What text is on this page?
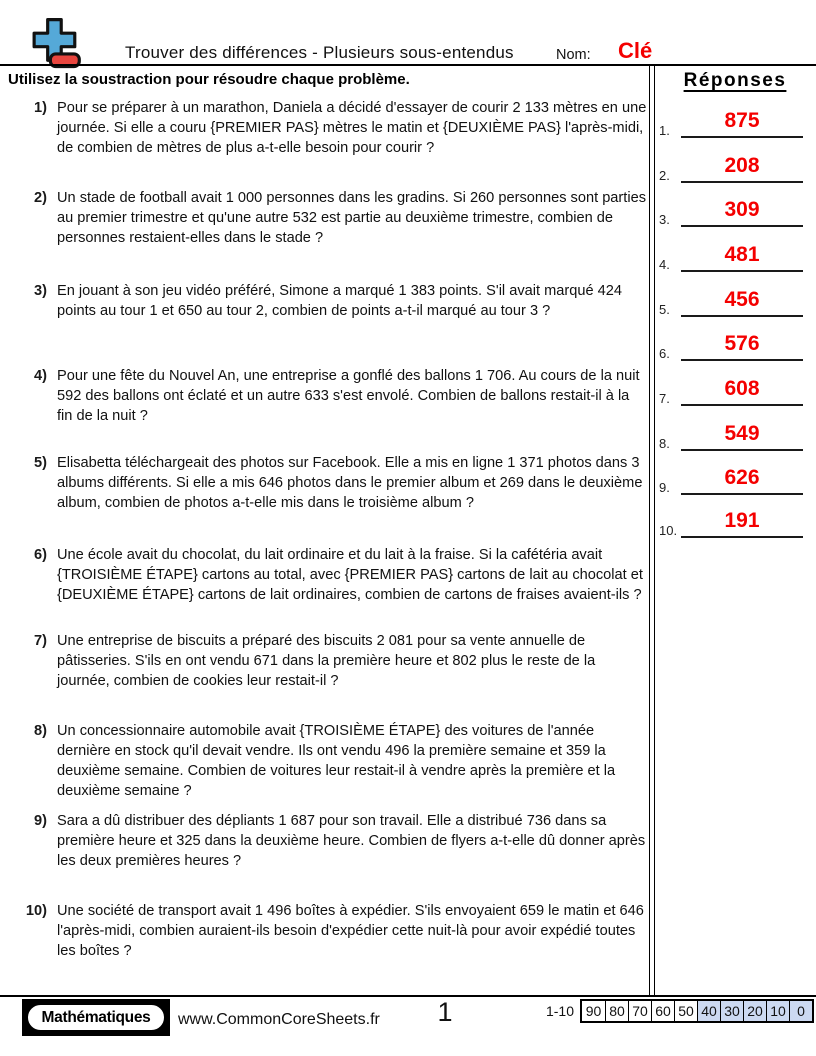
Trouver des différences - Plusieurs sous-entendus	Nom: Clé
Utilisez la soustraction pour résoudre chaque problème.
1) Pour se préparer à un marathon, Daniela a décidé d'essayer de courir 2 133 mètres en une journée. Si elle a couru {PREMIER PAS} mètres le matin et {DEUXIÈME PAS} l'après-midi, de combien de mètres de plus a-t-elle besoin pour courir ?
2) Un stade de football avait 1 000 personnes dans les gradins. Si 260 personnes sont parties au premier trimestre et qu'une autre 532 est partie au deuxième trimestre, combien de personnes restaient-elles dans le stade ?
3) En jouant à son jeu vidéo préféré, Simone a marqué 1 383 points. S'il avait marqué 424 points au tour 1 et 650 au tour 2, combien de points a-t-il marqué au tour 3 ?
4) Pour une fête du Nouvel An, une entreprise a gonflé des ballons 1 706. Au cours de la nuit 592 des ballons ont éclaté et un autre 633 s'est envolé. Combien de ballons restait-il à la fin de la nuit ?
5) Elisabetta téléchargeait des photos sur Facebook. Elle a mis en ligne 1 371 photos dans 3 albums différents. Si elle a mis 646 photos dans le premier album et 269 dans le deuxième album, combien de photos a-t-elle mis dans le troisième album ?
6) Une école avait du chocolat, du lait ordinaire et du lait à la fraise. Si la cafétéria avait {TROISIÈME ÉTAPE} cartons au total, avec {PREMIER PAS} cartons de lait au chocolat et {DEUXIÈME ÉTAPE} cartons de lait ordinaires, combien de cartons de fraises avaient-ils ?
7) Une entreprise de biscuits a préparé des biscuits 2 081 pour sa vente annuelle de pâtisseries. S'ils en ont vendu 671 dans la première heure et 802 plus le reste de la journée, combien de cookies leur restait-il ?
8) Un concessionnaire automobile avait {TROISIÈME ÉTAPE} des voitures de l'année dernière en stock qu'il devait vendre. Ils ont vendu 496 la première semaine et 359 la deuxième semaine. Combien de voitures leur restait-il à vendre après la première et la deuxième semaine ?
9) Sara a dû distribuer des dépliants 1 687 pour son travail. Elle a distribué 736 dans sa première heure et 325 dans la deuxième heure. Combien de flyers a-t-elle dû donner après les deux premières heures ?
10) Une société de transport avait 1 496 boîtes à expédier. S'ils envoyaient 659 le matin et 646 l'après-midi, combien auraient-ils besoin d'expédier cette nuit-là pour avoir expédié toutes les boîtes ?
Réponses
1.	875
2.	208
3.	309
4.	481
5.	456
6.	576
7.	608
8.	549
9.	626
10.	191
Mathématiques	www.CommonCoreSheets.fr	1	1-10 90 80 70 60 50 40 30 20 10 0
